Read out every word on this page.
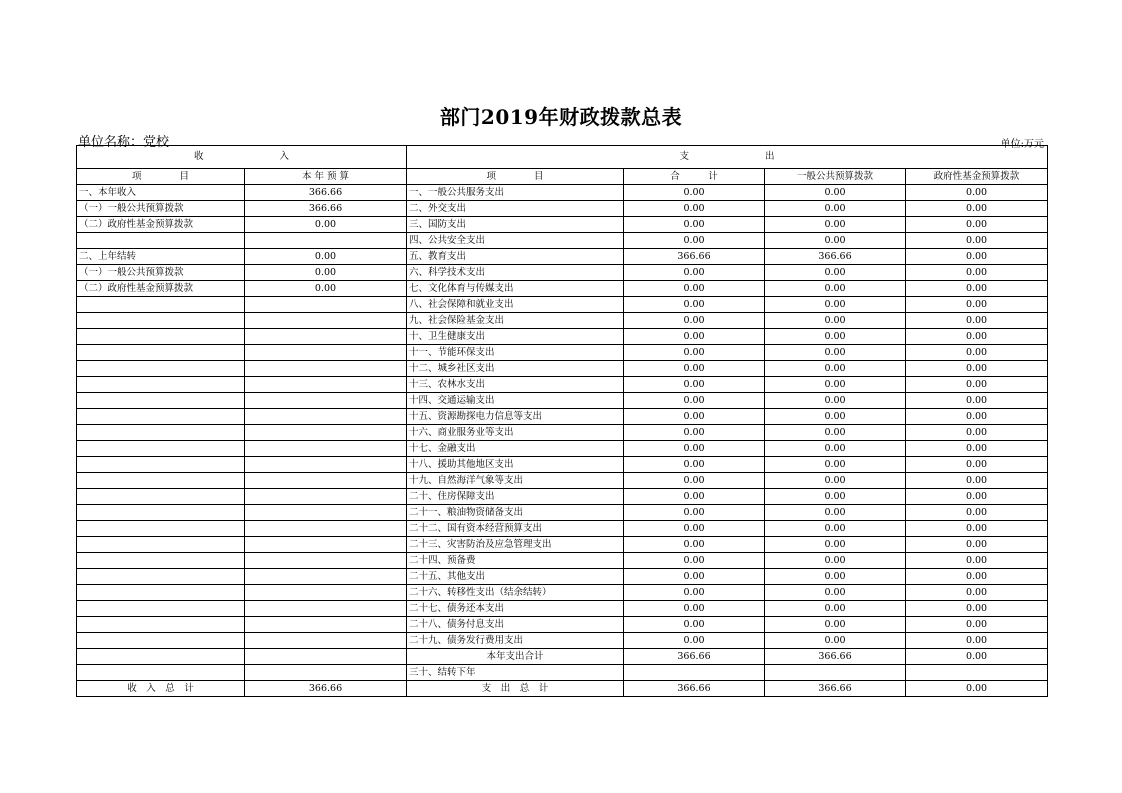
部门2019年财政拨款总表
单位名称：党校	单位:万元
收　　　　　　　　入		支　　　　　　　　出			
项　　　　目	本 年 预 算	项　　　　目	合　　　计	一般公共预算拨款	政府性基金预算拨款
一、本年收入	366.66	一、一般公共服务支出	0.00	0.00	0.00
（一）一般公共预算拨款	366.66	二、外交支出	0.00	0.00	0.00
（二）政府性基金预算拨款	0.00	三、国防支出	0.00	0.00	0.00
		四、公共安全支出	0.00	0.00	0.00
二、上年结转	0.00	五、教育支出	366.66	366.66	0.00
（一）一般公共预算拨款	0.00	六、科学技术支出	0.00	0.00	0.00
（二）政府性基金预算拨款	0.00	七、文化体育与传媒支出	0.00	0.00	0.00
		八、社会保障和就业支出	0.00	0.00	0.00
		九、社会保险基金支出	0.00	0.00	0.00
		十、卫生健康支出	0.00	0.00	0.00
		十一、节能环保支出	0.00	0.00	0.00
		十二、城乡社区支出	0.00	0.00	0.00
		十三、农林水支出	0.00	0.00	0.00
		十四、交通运输支出	0.00	0.00	0.00
		十五、资源勘探电力信息等支出	0.00	0.00	0.00
		十六、商业服务业等支出	0.00	0.00	0.00
		十七、金融支出	0.00	0.00	0.00
		十八、援助其他地区支出	0.00	0.00	0.00
		十九、自然海洋气象等支出	0.00	0.00	0.00
		二十、住房保障支出	0.00	0.00	0.00
		二十一、粮油物资储备支出	0.00	0.00	0.00
		二十二、国有资本经营预算支出	0.00	0.00	0.00
		二十三、灾害防治及应急管理支出	0.00	0.00	0.00
		二十四、预备费	0.00	0.00	0.00
		二十五、其他支出	0.00	0.00	0.00
		二十六、转移性支出（结余结转）	0.00	0.00	0.00
		二十七、债务还本支出	0.00	0.00	0.00
		二十八、债务付息支出	0.00	0.00	0.00
		二十九、债务发行费用支出	0.00	0.00	0.00
		本年支出合计	366.66	366.66	0.00
		三十、结转下年			
收　入　总　计	366.66	支　出　总　计	366.66	366.66	0.00
